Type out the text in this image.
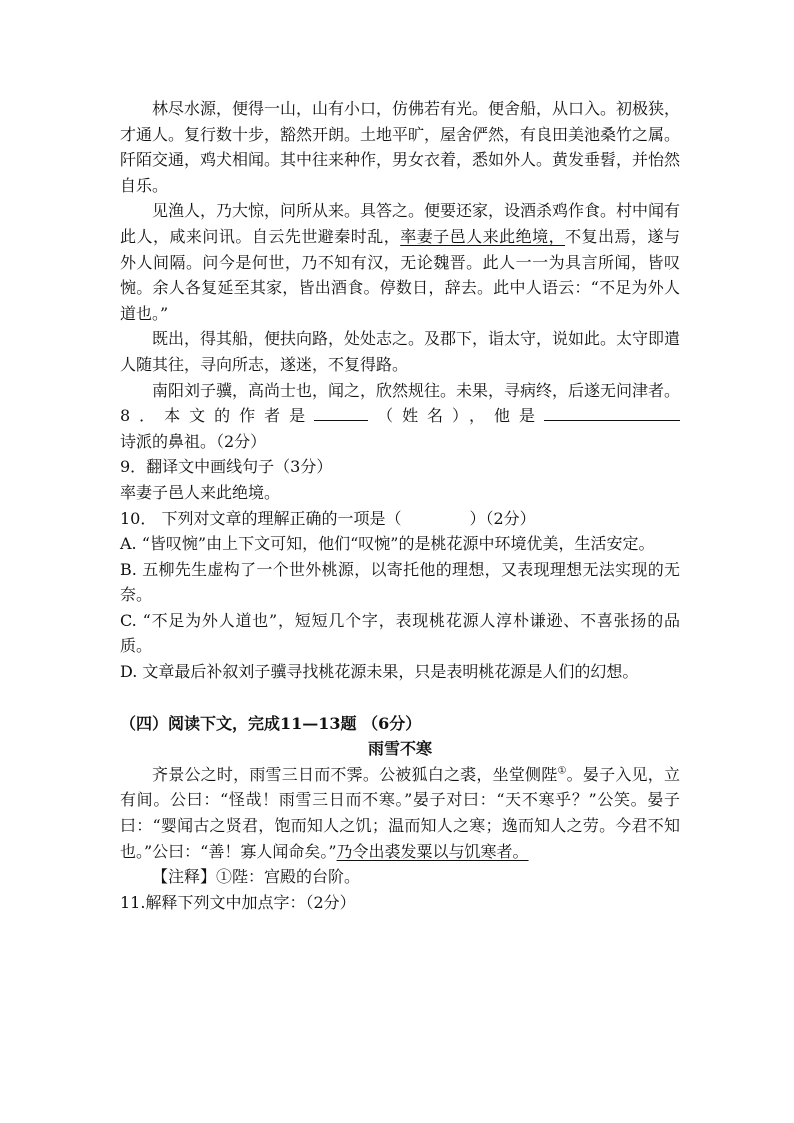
林尽水源，便得一山，山有小口，仿佛若有光。便舍船，从口入。初极狭，才通人。复行数十步，豁然开朗。土地平旷，屋舍俨然，有良田美池桑竹之属。阡陌交通，鸡犬相闻。其中往来种作，男女衣着，悉如外人。黄发垂髫，并怡然自乐。

见渔人，乃大惊，问所从来。具答之。便要还家，设酒杀鸡作食。村中闻有此人，咸来问讯。自云先世避秦时乱，率妻子邑人来此绝境，不复出焉，遂与外人间隔。问今是何世，乃不知有汉，无论魏晋。此人一一为具言所闻，皆叹惋。余人各复延至其家，皆出酒食。停数日，辞去。此中人语云：“不足为外人道也。”

既出，得其船，便扶向路，处处志之。及郡下，诣太守，说如此。太守即遣人随其往，寻向所志，遂迷，不复得路。

南阳刘子骥，高尚士也，闻之，欣然规往。未果，寻病终，后遂无问津者。

8．本文的作者是	（姓名），他是诗派的鼻祖。（2分）

9．翻译文中画线句子（3分）

率妻子邑人来此绝境。

10． 下列对文章的理解正确的一项是（	）（2分）

A. “皆叹惋”由上下文可知，他们“叹惋”的是桃花源中环境优美，生活安定。

B. 五柳先生虚构了一个世外桃源，以寄托他的理想，又表现理想无法实现的无奈。

C. “不足为外人道也”，短短几个字，表现桃花源人淳朴谦逊、不喜张扬的品质。

D. 文章最后补叙刘子骥寻找桃花源未果，只是表明桃花源是人们的幻想。

（四）阅读下文，完成11—13题 （6分）

雨雪不寒

齐景公之时，雨雪三日而不霁。公被狐白之裘，坐堂侧陛①。晏子入见，立有间。公曰：“怪哉！雨雪三日而不寒。”晏子对曰：“天不寒乎？”公笑。晏子曰：“婴闻古之贤君，饱而知人之饥；温而知人之寒；逸而知人之劳。今君不知也。”公曰：“善！寡人闻命矣。”乃令出裘发粟以与饥寒者。

【注释】①陛：宫殿的台阶。

11.解释下列文中加点字：（2分）
